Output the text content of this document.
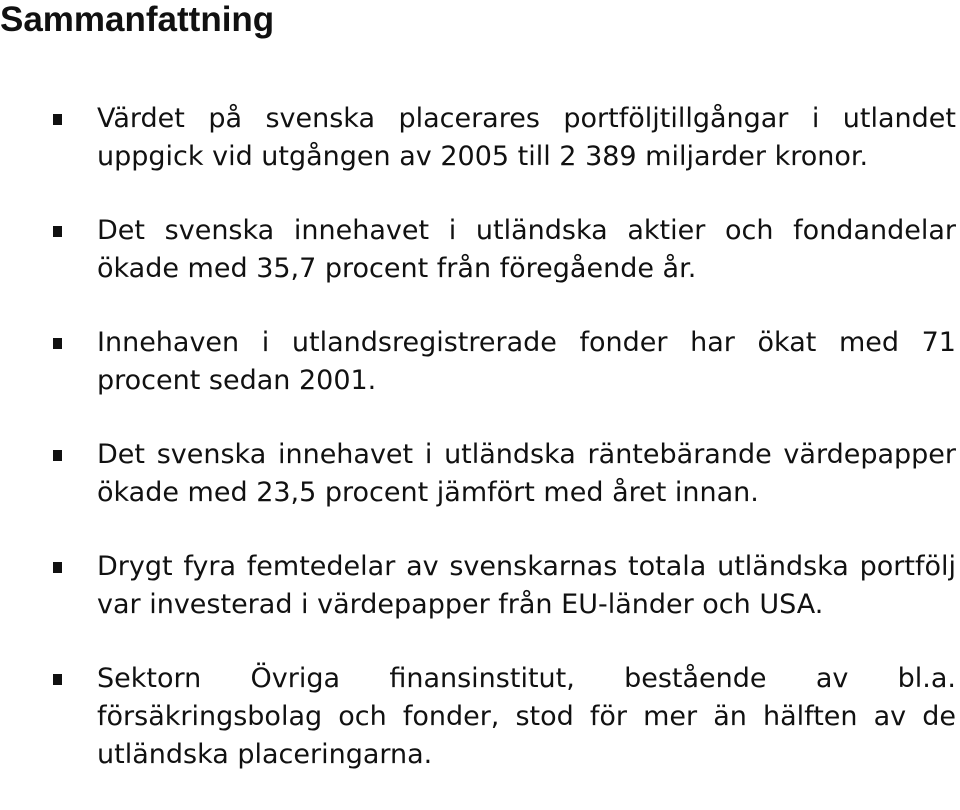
Sammanfattning
Värdet på svenska placerares portföljtillgångar i utlandet uppgick vid utgången av 2005 till 2 389 miljarder kronor.
Det svenska innehavet i utländska aktier och fondandelar ökade med 35,7 procent från föregående år.
Innehaven i utlandsregistrerade fonder har ökat med 71 procent sedan 2001.
Det svenska innehavet i utländska räntebärande värdepapper ökade med 23,5 procent jämfört med året innan.
Drygt fyra femtedelar av svenskarnas totala utländska portfölj var investerad i värdepapper från EU-länder och USA.
Sektorn Övriga finansinstitut, bestående av bl.a. försäkringsbolag och fonder, stod för mer än hälften av de utländska placeringarna.
